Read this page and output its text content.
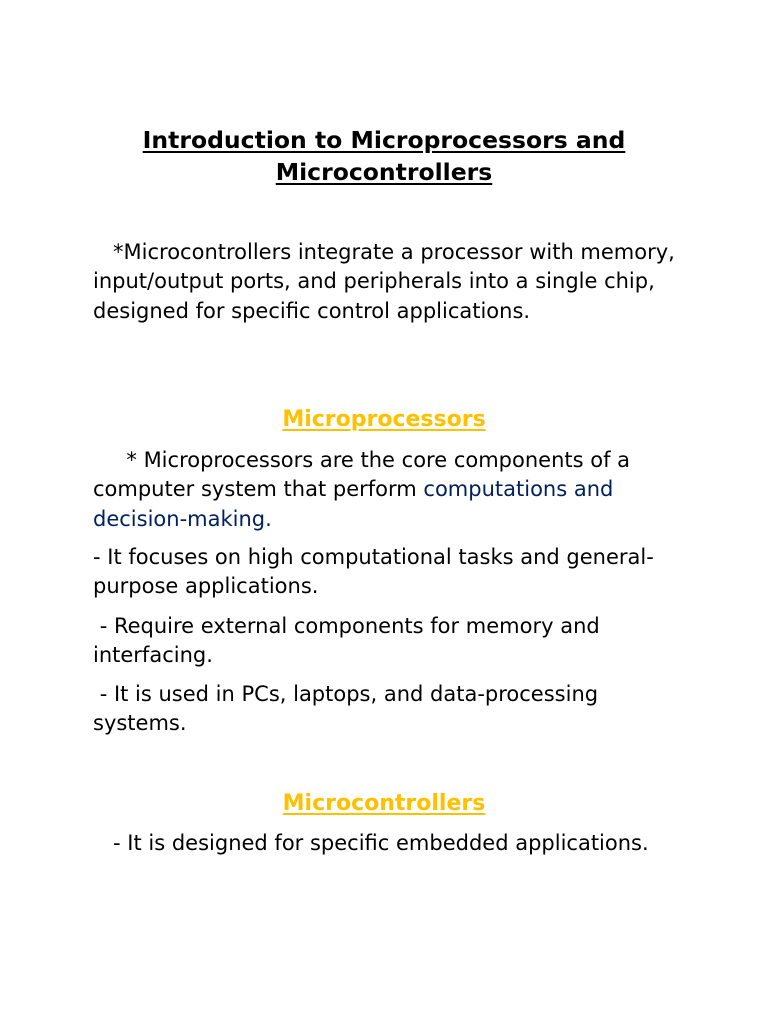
Introduction to Microprocessors and
Microcontrollers

*Microcontrollers integrate a processor with memory, input/output ports, and peripherals into a single chip, designed for specific control applications.

Microprocessors

* Microprocessors are the core components of a computer system that perform computations and decision-making.

- It focuses on high computational tasks and general-purpose applications.

- Require external components for memory and interfacing.

- It is used in PCs, laptops, and data-processing systems.

Microcontrollers

- It is designed for specific embedded applications.
